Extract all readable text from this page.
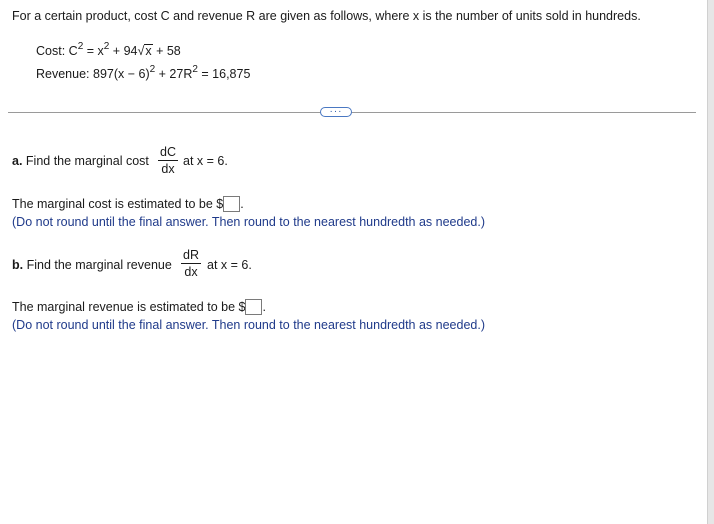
For a certain product, cost C and revenue R are given as follows, where x is the number of units sold in hundreds.
Cost: $C^2 = x^2 + 94√x + 58$
Revenue: $897(x - 6)^2 + 27R^2 = 16,875$
···
a. Find the marginal cost
dC
dx
at x = 6.
The marginal cost is estimated to be $ .
(Do not round until the final answer. Then round to the nearest hundredth as needed.)
b. Find the marginal revenue
dR
dx at x = 6.
The marginal revenue is estimated to be $ .
(Do not round until the final answer. Then round to the nearest hundredth as needed.)
